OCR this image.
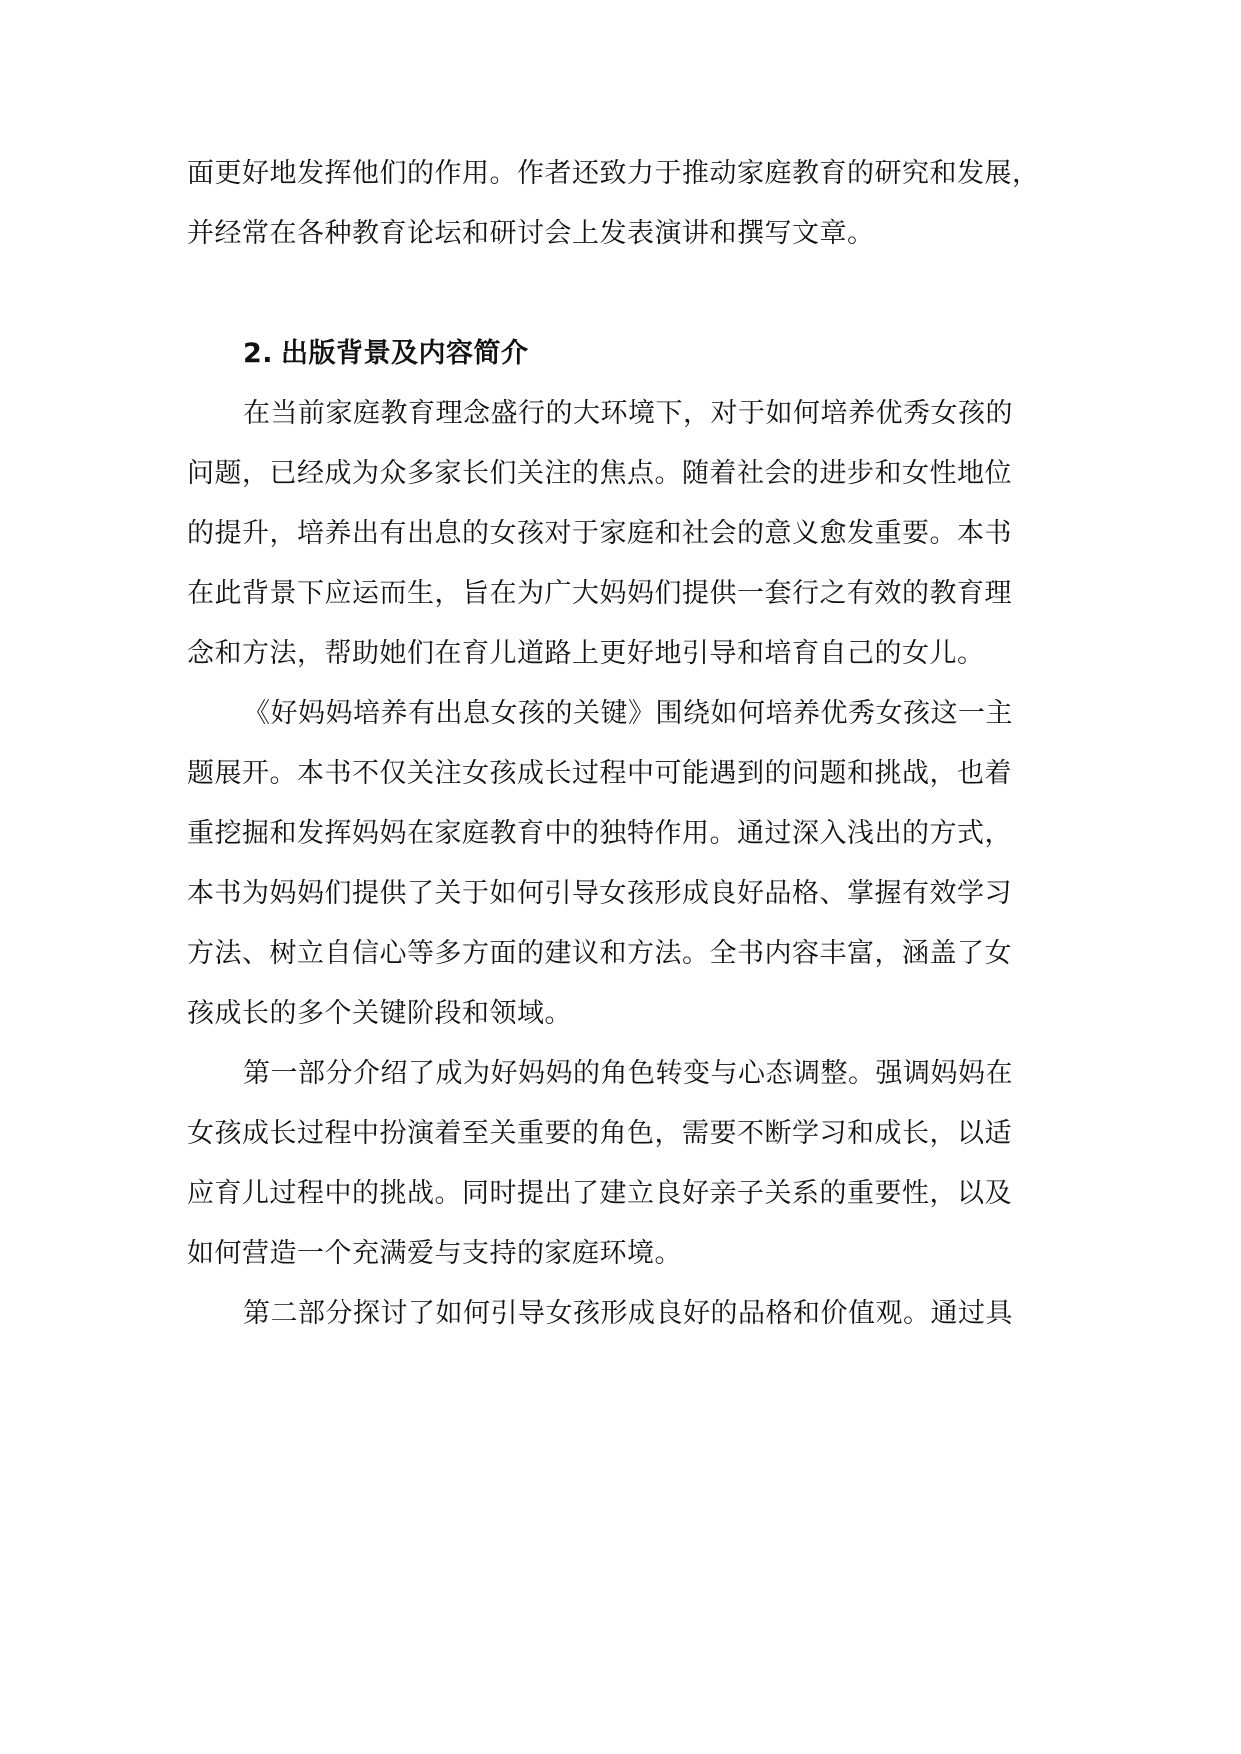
面更好地发挥他们的作用。作者还致力于推动家庭教育的研究和发展，
并经常在各种教育论坛和研讨会上发表演讲和撰写文章。
2. 出版背景及内容简介
在当前家庭教育理念盛行的大环境下，对于如何培养优秀女孩的
问题，已经成为众多家长们关注的焦点。随着社会的进步和女性地位
的提升，培养出有出息的女孩对于家庭和社会的意义愈发重要。本书
在此背景下应运而生，旨在为广大妈妈们提供一套行之有效的教育理
念和方法，帮助她们在育儿道路上更好地引导和培育自己的女儿。
《好妈妈培养有出息女孩的关键》围绕如何培养优秀女孩这一主
题展开。本书不仅关注女孩成长过程中可能遇到的问题和挑战，也着
重挖掘和发挥妈妈在家庭教育中的独特作用。通过深入浅出的方式，
本书为妈妈们提供了关于如何引导女孩形成良好品格、掌握有效学习
方法、树立自信心等多方面的建议和方法。全书内容丰富，涵盖了女
孩成长的多个关键阶段和领域。
第一部分介绍了成为好妈妈的角色转变与心态调整。强调妈妈在
女孩成长过程中扮演着至关重要的角色，需要不断学习和成长，以适
应育儿过程中的挑战。同时提出了建立良好亲子关系的重要性，以及
如何营造一个充满爱与支持的家庭环境。
第二部分探讨了如何引导女孩形成良好的品格和价值观。通过具
